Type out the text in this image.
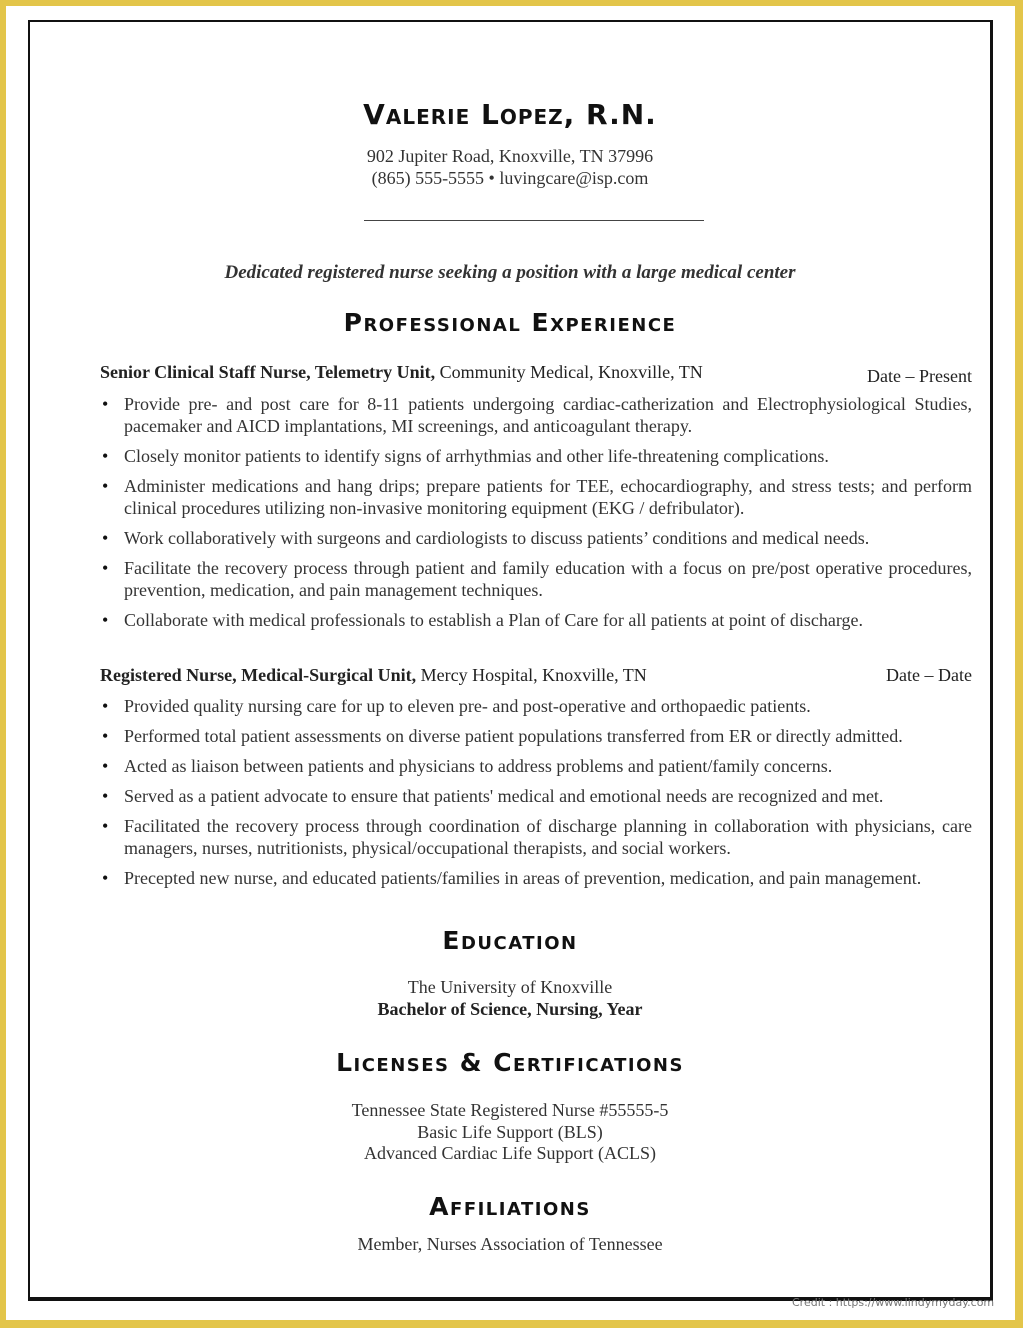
Valerie Lopez, R.N.
902 Jupiter Road, Knoxville, TN 37996
(865) 555-5555 • luvingcare@isp.com
Dedicated registered nurse seeking a position with a large medical center
Professional Experience
Senior Clinical Staff Nurse, Telemetry Unit, Community Medical, Knoxville, TN	Date – Present
• Provide pre- and post care for 8-11 patients undergoing cardiac-catherization and Electrophysiological Studies, pacemaker and AICD implantations, MI screenings, and anticoagulant therapy.
• Closely monitor patients to identify signs of arrhythmias and other life-threatening complications.
• Administer medications and hang drips; prepare patients for TEE, echocardiography, and stress tests; and perform clinical procedures utilizing non-invasive monitoring equipment (EKG / defribulator).
• Work collaboratively with surgeons and cardiologists to discuss patients’ conditions and medical needs.
• Facilitate the recovery process through patient and family education with a focus on pre/post operative procedures, prevention, medication, and pain management techniques.
• Collaborate with medical professionals to establish a Plan of Care for all patients at point of discharge.
Registered Nurse, Medical-Surgical Unit, Mercy Hospital, Knoxville, TN	Date – Date
• Provided quality nursing care for up to eleven pre- and post-operative and orthopaedic patients.
• Performed total patient assessments on diverse patient populations transferred from ER or directly admitted.
• Acted as liaison between patients and physicians to address problems and patient/family concerns.
• Served as a patient advocate to ensure that patients' medical and emotional needs are recognized and met.
• Facilitated the recovery process through coordination of discharge planning in collaboration with physicians, care managers, nurses, nutritionists, physical/occupational therapists, and social workers.
• Precepted new nurse, and educated patients/families in areas of prevention, medication, and pain management.
Education
The University of Knoxville
Bachelor of Science, Nursing, Year
Licenses & Certifications
Tennessee State Registered Nurse #55555-5
Basic Life Support (BLS)
Advanced Cardiac Life Support (ACLS)
Affiliations
Member, Nurses Association of Tennessee
Credit : https://www.lindymyday.com
